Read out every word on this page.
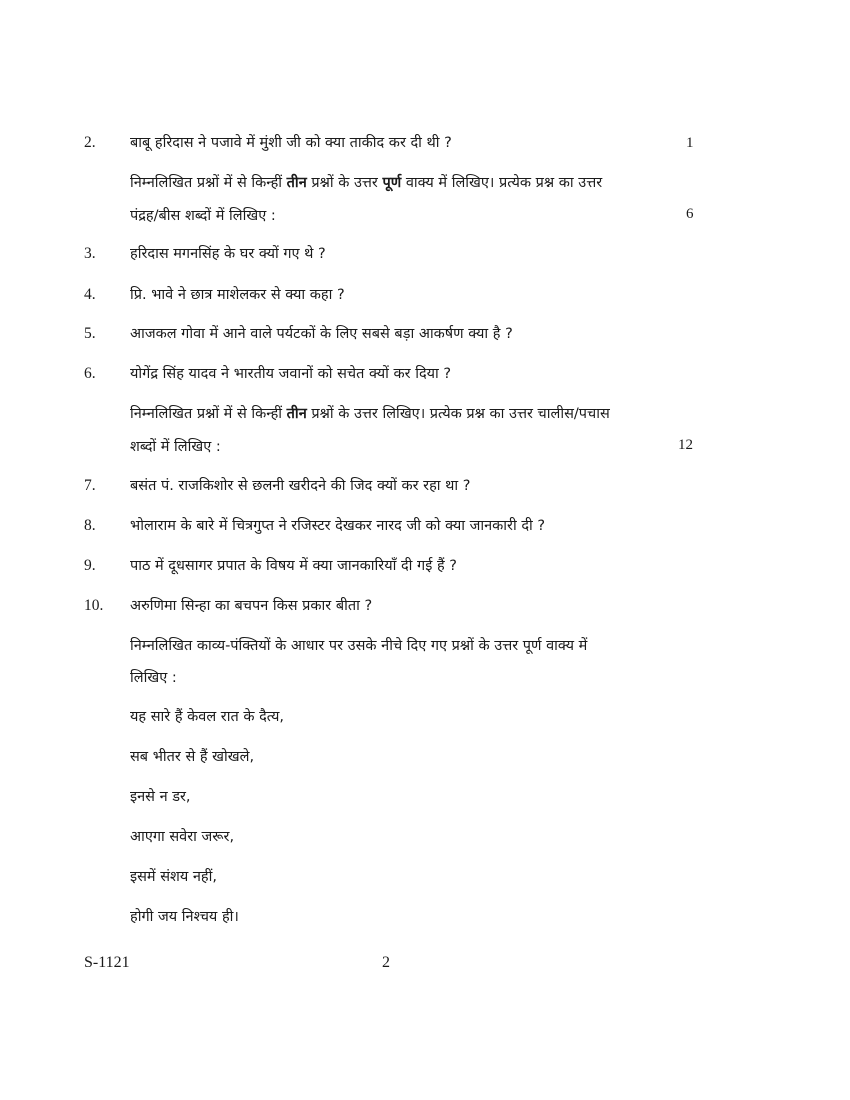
2. बाबू हरिदास ने पजावे में मुंशी जी को क्या ताकीद कर दी थी ?	1
निम्नलिखित प्रश्नों में से किन्हीं तीन प्रश्नों के उत्तर पूर्ण वाक्य में लिखिए। प्रत्येक प्रश्न का उत्तर
पंद्रह/बीस शब्दों में लिखिए :	6
3. हरिदास मगनसिंह के घर क्यों गए थे ?
4. प्रि. भावे ने छात्र माशेलकर से क्या कहा ?
5. आजकल गोवा में आने वाले पर्यटकों के लिए सबसे बड़ा आकर्षण क्या है ?
6. योगेंद्र सिंह यादव ने भारतीय जवानों को सचेत क्यों कर दिया ?
निम्नलिखित प्रश्नों में से किन्हीं तीन प्रश्नों के उत्तर लिखिए। प्रत्येक प्रश्न का उत्तर चालीस/पचास
शब्दों में लिखिए :	12
7. बसंत पं. राजकिशोर से छलनी खरीदने की जिद क्यों कर रहा था ?
8. भोलाराम के बारे में चित्रगुप्त ने रजिस्टर देखकर नारद जी को क्या जानकारी दी ?
9. पाठ में दूधसागर प्रपात के विषय में क्या जानकारियाँ दी गई हैं ?
10. अरुणिमा सिन्हा का बचपन किस प्रकार बीता ?
निम्नलिखित काव्य-पंक्तियों के आधार पर उसके नीचे दिए गए प्रश्नों के उत्तर पूर्ण वाक्य में
लिखिए :
यह सारे हैं केवल रात के दैत्य,
सब भीतर से हैं खोखले,
इनसे न डर,
आएगा सवेरा जरूर,
इसमें संशय नहीं,
होगी जय निश्चय ही।
S-1121	2
